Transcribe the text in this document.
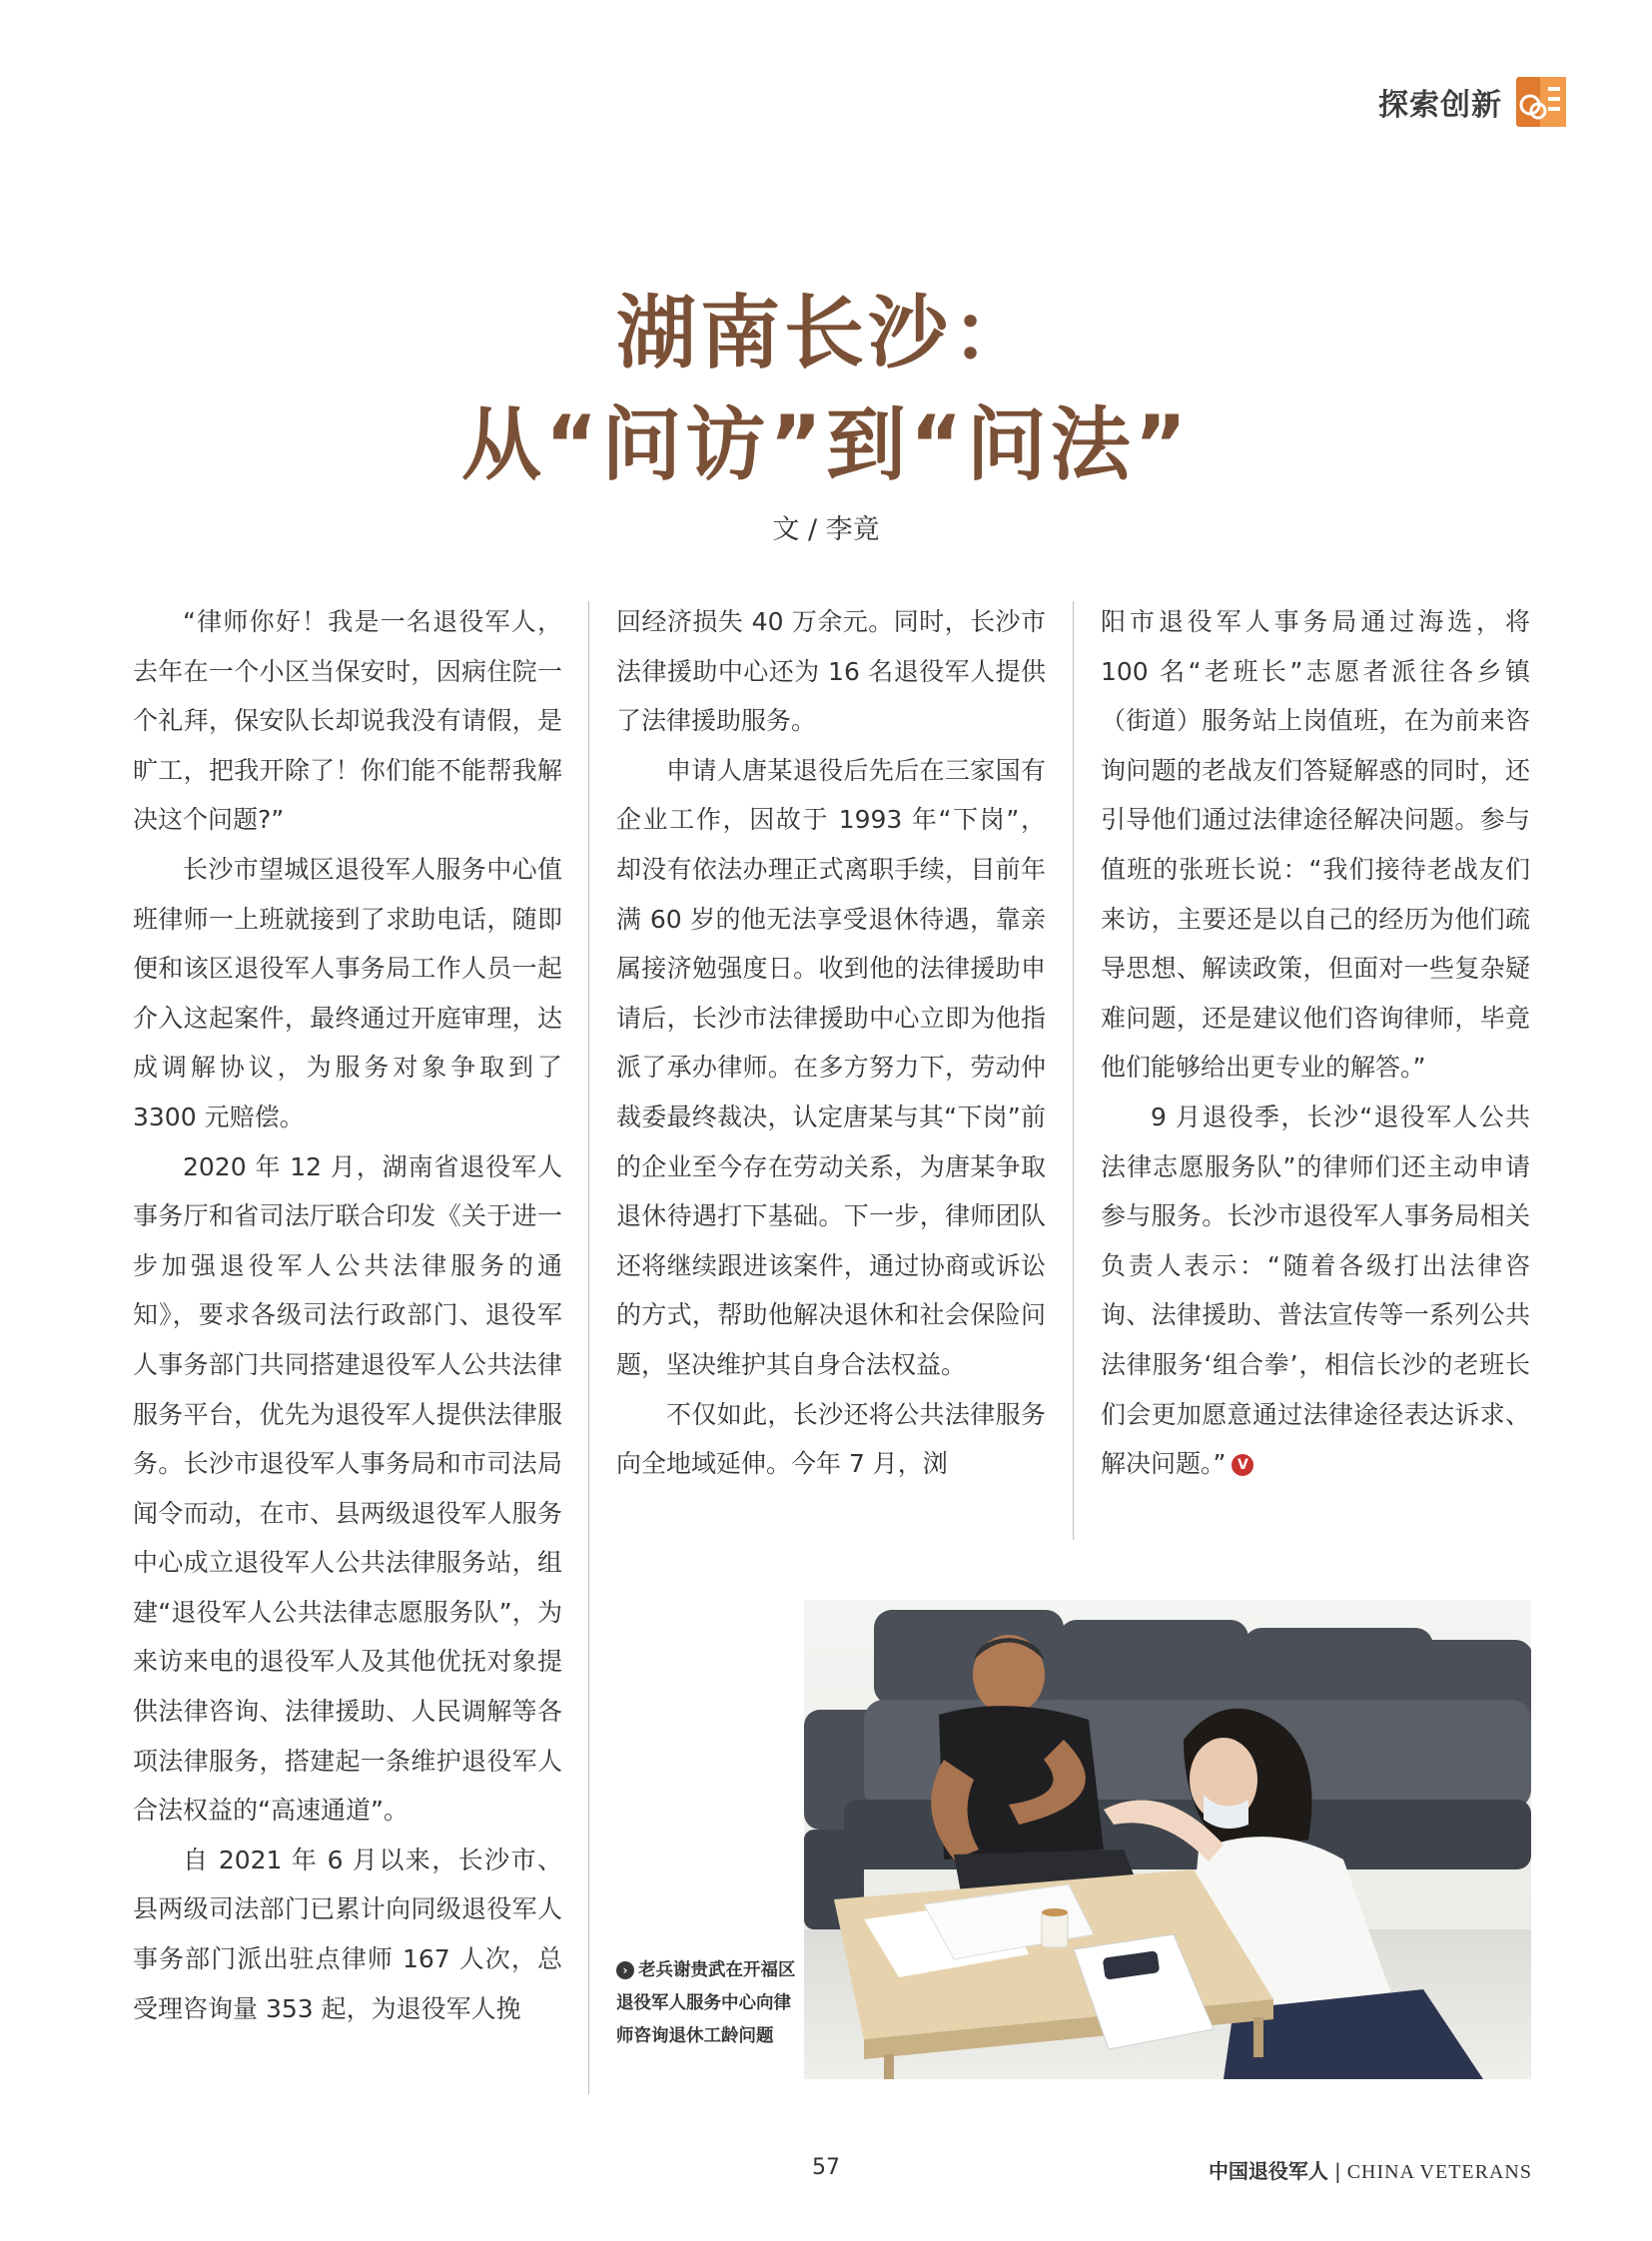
探索创新
湖南长沙：
从“问访”到“问法”
文 / 李竟

“律师你好！我是一名退役军人，去年在一个小区当保安时，因病住院一个礼拜，保安队长却说我没有请假，是旷工，把我开除了！你们能不能帮我解决这个问题?”

长沙市望城区退役军人服务中心值班律师一上班就接到了求助电话，随即便和该区退役军人事务局工作人员一起介入这起案件，最终通过开庭审理，达成调解协议，为服务对象争取到了 3300 元赔偿。

2020 年 12 月，湖南省退役军人事务厅和省司法厅联合印发《关于进一步加强退役军人公共法律服务的通知》，要求各级司法行政部门、退役军人事务部门共同搭建退役军人公共法律服务平台，优先为退役军人提供法律服务。长沙市退役军人事务局和市司法局闻令而动，在市、县两级退役军人服务中心成立退役军人公共法律服务站，组建“退役军人公共法律志愿服务队”，为来访来电的退役军人及其他优抚对象提供法律咨询、法律援助、人民调解等各项法律服务，搭建起一条维护退役军人合法权益的“高速通道”。

自 2021 年 6 月以来，长沙市、县两级司法部门已累计向同级退役军人事务部门派出驻点律师 167 人次，总受理咨询量 353 起，为退役军人挽

回经济损失 40 万余元。同时，长沙市法律援助中心还为 16 名退役军人提供了法律援助服务。

申请人唐某退役后先后在三家国有企业工作，因故于 1993 年“下岗”，却没有依法办理正式离职手续，目前年满 60 岁的他无法享受退休待遇，靠亲属接济勉强度日。收到他的法律援助申请后，长沙市法律援助中心立即为他指派了承办律师。在多方努力下，劳动仲裁委最终裁决，认定唐某与其“下岗”前的企业至今存在劳动关系，为唐某争取退休待遇打下基础。下一步，律师团队还将继续跟进该案件，通过协商或诉讼的方式，帮助他解决退休和社会保险问题，坚决维护其自身合法权益。

不仅如此，长沙还将公共法律服务向全地域延伸。今年 7 月，浏

阳市退役军人事务局通过海选，将 100 名“老班长”志愿者派往各乡镇（街道）服务站上岗值班，在为前来咨询问题的老战友们答疑解惑的同时，还引导他们通过法律途径解决问题。参与值班的张班长说：“我们接待老战友们来访，主要还是以自己的经历为他们疏导思想、解读政策，但面对一些复杂疑难问题，还是建议他们咨询律师，毕竟他们能够给出更专业的解答。”

9 月退役季，长沙“退役军人公共法律志愿服务队”的律师们还主动申请参与服务。长沙市退役军人事务局相关负责人表示：“随着各级打出法律咨询、法律援助、普法宣传等一系列公共法律服务‘组合拳’，相信长沙的老班长们会更加愿意通过法律途径表达诉求、解决问题。” V

› 老兵谢贵武在开福区退役军人服务中心向律师咨询退休工龄问题
57	中国退役军人 | CHINA VETERANS
